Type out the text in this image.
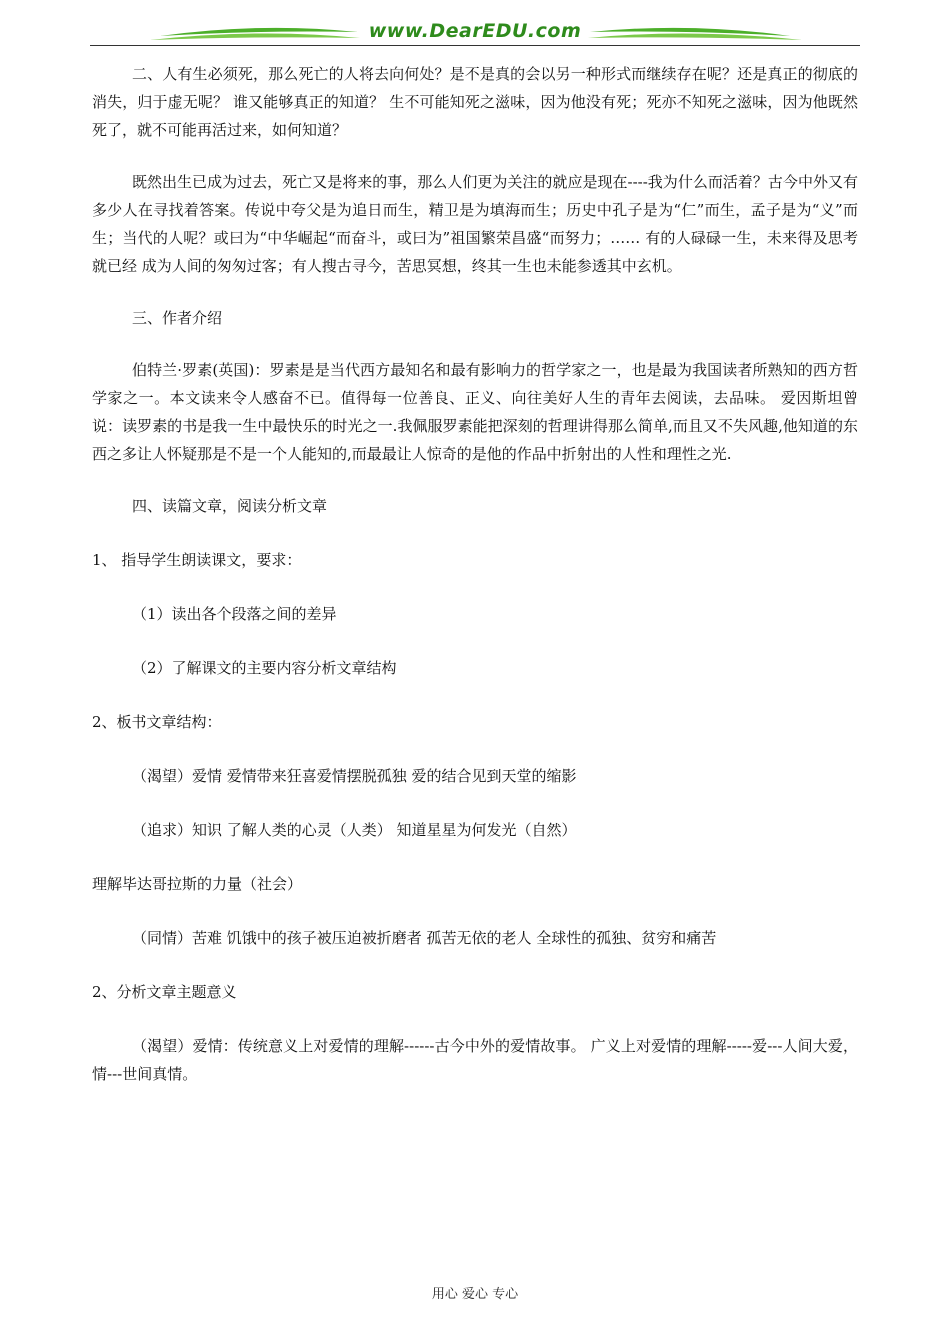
www.DearEDU.com

二、人有生必须死，那么死亡的人将去向何处？是不是真的会以另一种形式而继续存在呢？还是真正的彻底的消失，归于虚无呢？ 谁又能够真正的知道？ 生不可能知死之滋味，因为他没有死；死亦不知死之滋味，因为他既然死了，就不可能再活过来，如何知道？

既然出生已成为过去，死亡又是将来的事，那么人们更为关注的就应是现在----我为什么而活着？古今中外又有多少人在寻找着答案。传说中夸父是为追日而生，精卫是为填海而生；历史中孔子是为“仁”而生，孟子是为“义”而生；当代的人呢？或曰为“中华崛起“而奋斗，或曰为”祖国繁荣昌盛“而努力；…… 有的人碌碌一生，未来得及思考就已经 成为人间的匆匆过客；有人搜古寻今，苦思冥想，终其一生也未能参透其中玄机。

三、作者介绍

伯特兰·罗素(英国)：罗素是是当代西方最知名和最有影响力的哲学家之一，也是最为我国读者所熟知的西方哲学家之一。本文读来令人感奋不已。值得每一位善良、正义、向往美好人生的青年去阅读，去品味。 爱因斯坦曾说：读罗素的书是我一生中最快乐的时光之一.我佩服罗素能把深刻的哲理讲得那么简单,而且又不失风趣,他知道的东西之多让人怀疑那是不是一个人能知的,而最最让人惊奇的是他的作品中折射出的人性和理性之光.

四、读篇文章，阅读分析文章

1、 指导学生朗读课文，要求：

（1）读出各个段落之间的差异

（2）了解课文的主要内容分析文章结构

2、板书文章结构：

（渴望）爱情 爱情带来狂喜爱情摆脱孤独 爱的结合见到天堂的缩影

（追求）知识 了解人类的心灵（人类） 知道星星为何发光（自然）

理解毕达哥拉斯的力量（社会）

（同情）苦难 饥饿中的孩子被压迫被折磨者 孤苦无依的老人 全球性的孤独、贫穷和痛苦

2、分析文章主题意义

（渴望）爱情：传统意义上对爱情的理解------古今中外的爱情故事。 广义上对爱情的理解-----爱---人间大爱， 情---世间真情。

用心 爱心 专心
